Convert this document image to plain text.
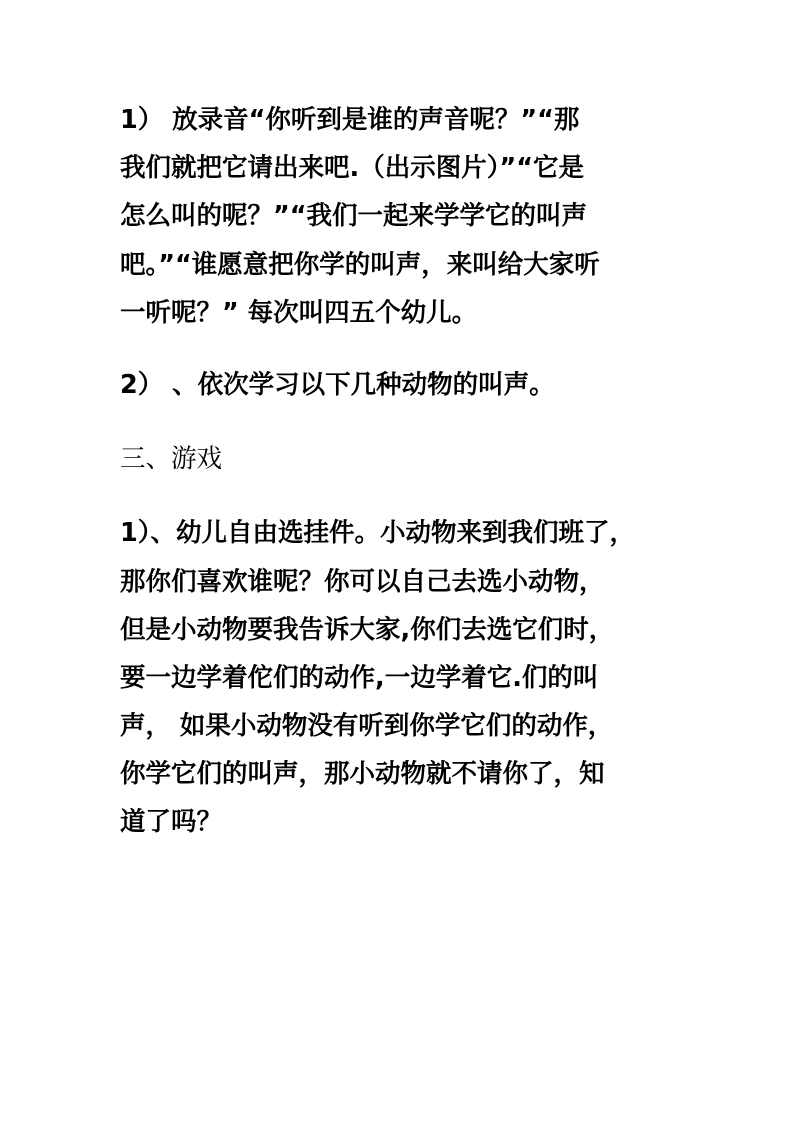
1） 放录音“你听到是谁的声音呢？”“那
我们就把它请出来吧.（出示图片）”“它是
怎么叫的呢？”“我们一起来学学它的叫声
吧。”“谁愿意把你学的叫声，来叫给大家听
一听呢？” 每次叫四五个幼儿。

2） 、依次学习以下几种动物的叫声。

三、游戏

1）、幼儿自由选挂件。小动物来到我们班了，
那你们喜欢谁呢？你可以自己去选小动物，
但是小动物要我告诉大家,你们去选它们时，
要一边学着佗们的动作,一边学着它.们的叫
声， 如果小动物没有听到你学它们的动作，
你学它们的叫声，那小动物就不请你了，知
道了吗？
